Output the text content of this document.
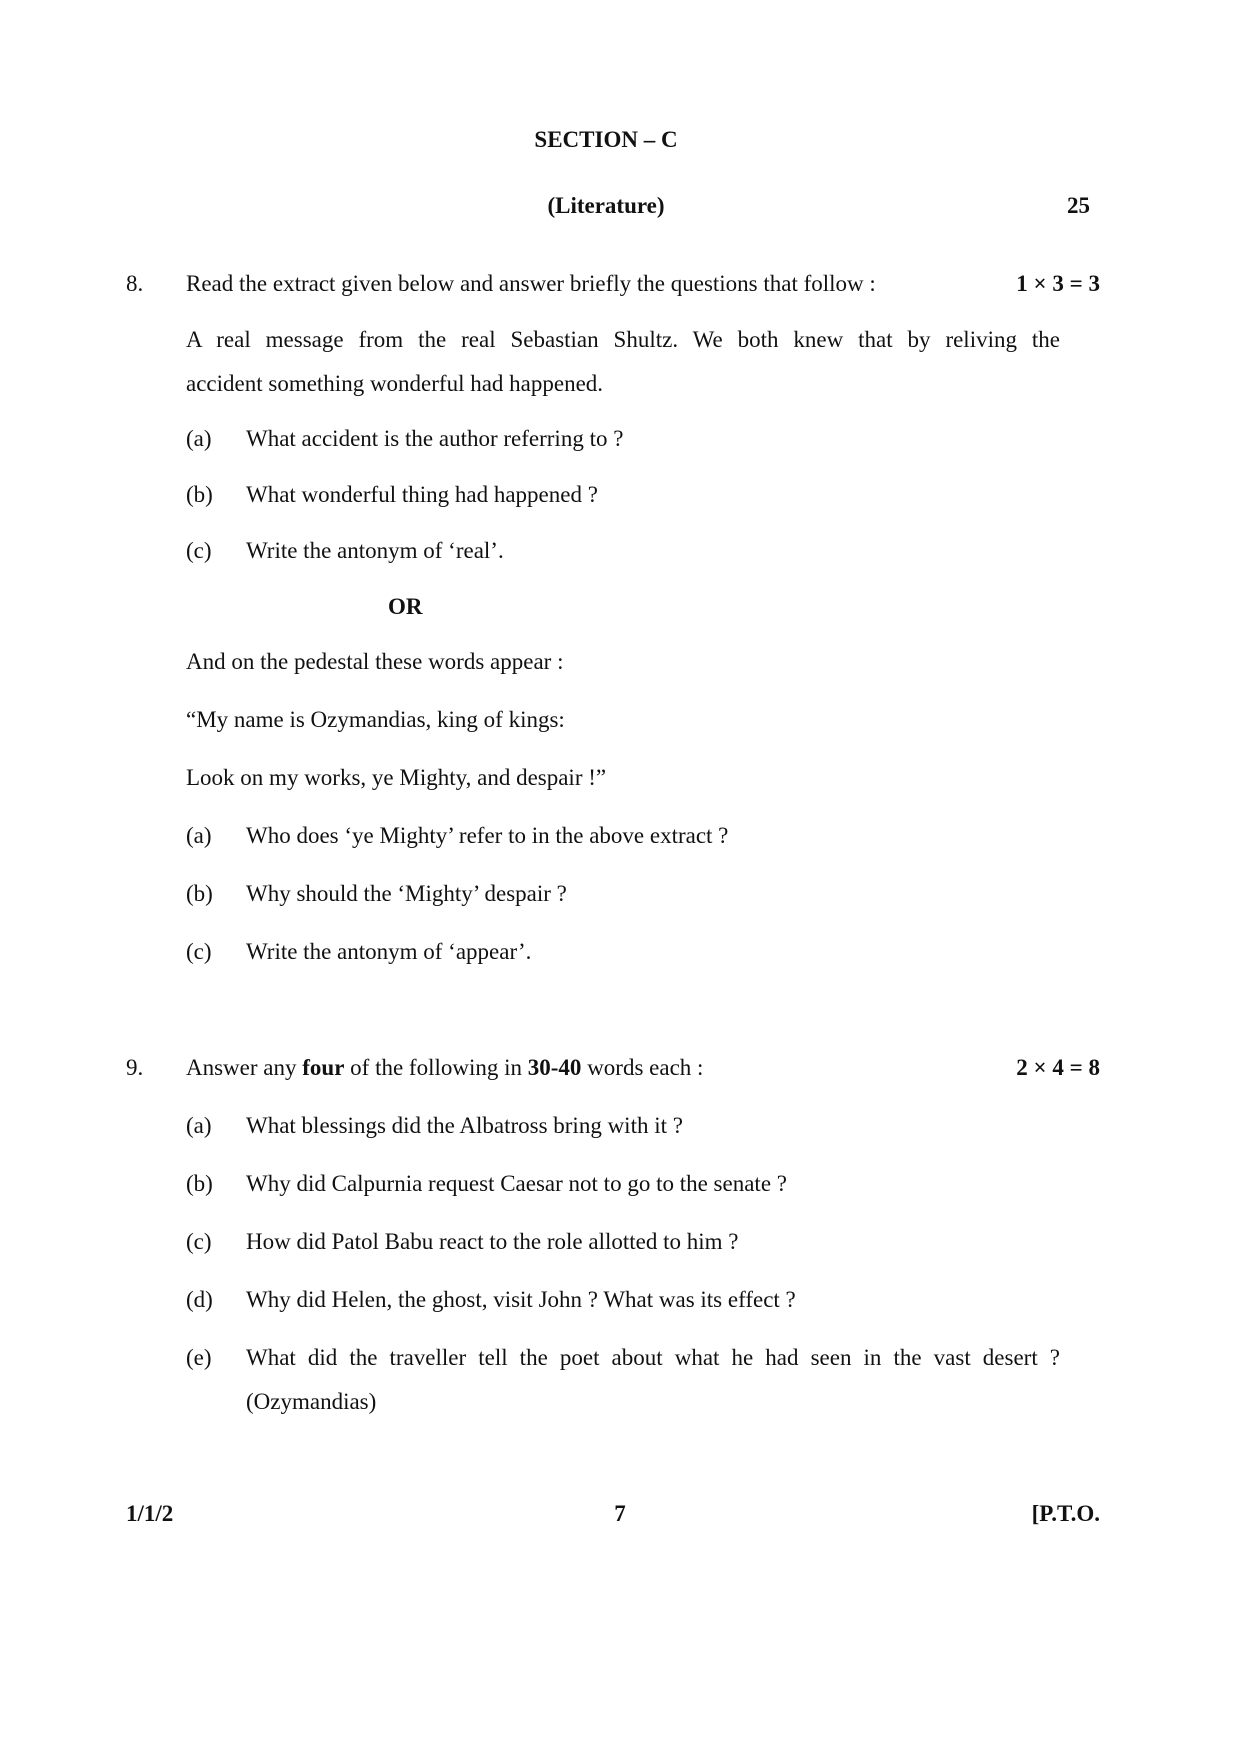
SECTION – C
(Literature)	25
8. Read the extract given below and answer briefly the questions that follow :	1 × 3 = 3
A real message from the real Sebastian Shultz. We both knew that by reliving the
accident something wonderful had happened.
(a) What accident is the author referring to ?
(b) What wonderful thing had happened ?
(c) Write the antonym of ‘real’.
OR
And on the pedestal these words appear :
“My name is Ozymandias, king of kings:
Look on my works, ye Mighty, and despair !”
(a) Who does ‘ye Mighty’ refer to in the above extract ?
(b) Why should the ‘Mighty’ despair ?
(c) Write the antonym of ‘appear’.
9. Answer any four of the following in 30-40 words each :	2 × 4 = 8
(a) What blessings did the Albatross bring with it ?
(b) Why did Calpurnia request Caesar not to go to the senate ?
(c) How did Patol Babu react to the role allotted to him ?
(d) Why did Helen, the ghost, visit John ? What was its effect ?
(e) What did the traveller tell the poet about what he had seen in the vast desert ?
(Ozymandias)
1/1/2	7	[P.T.O.
